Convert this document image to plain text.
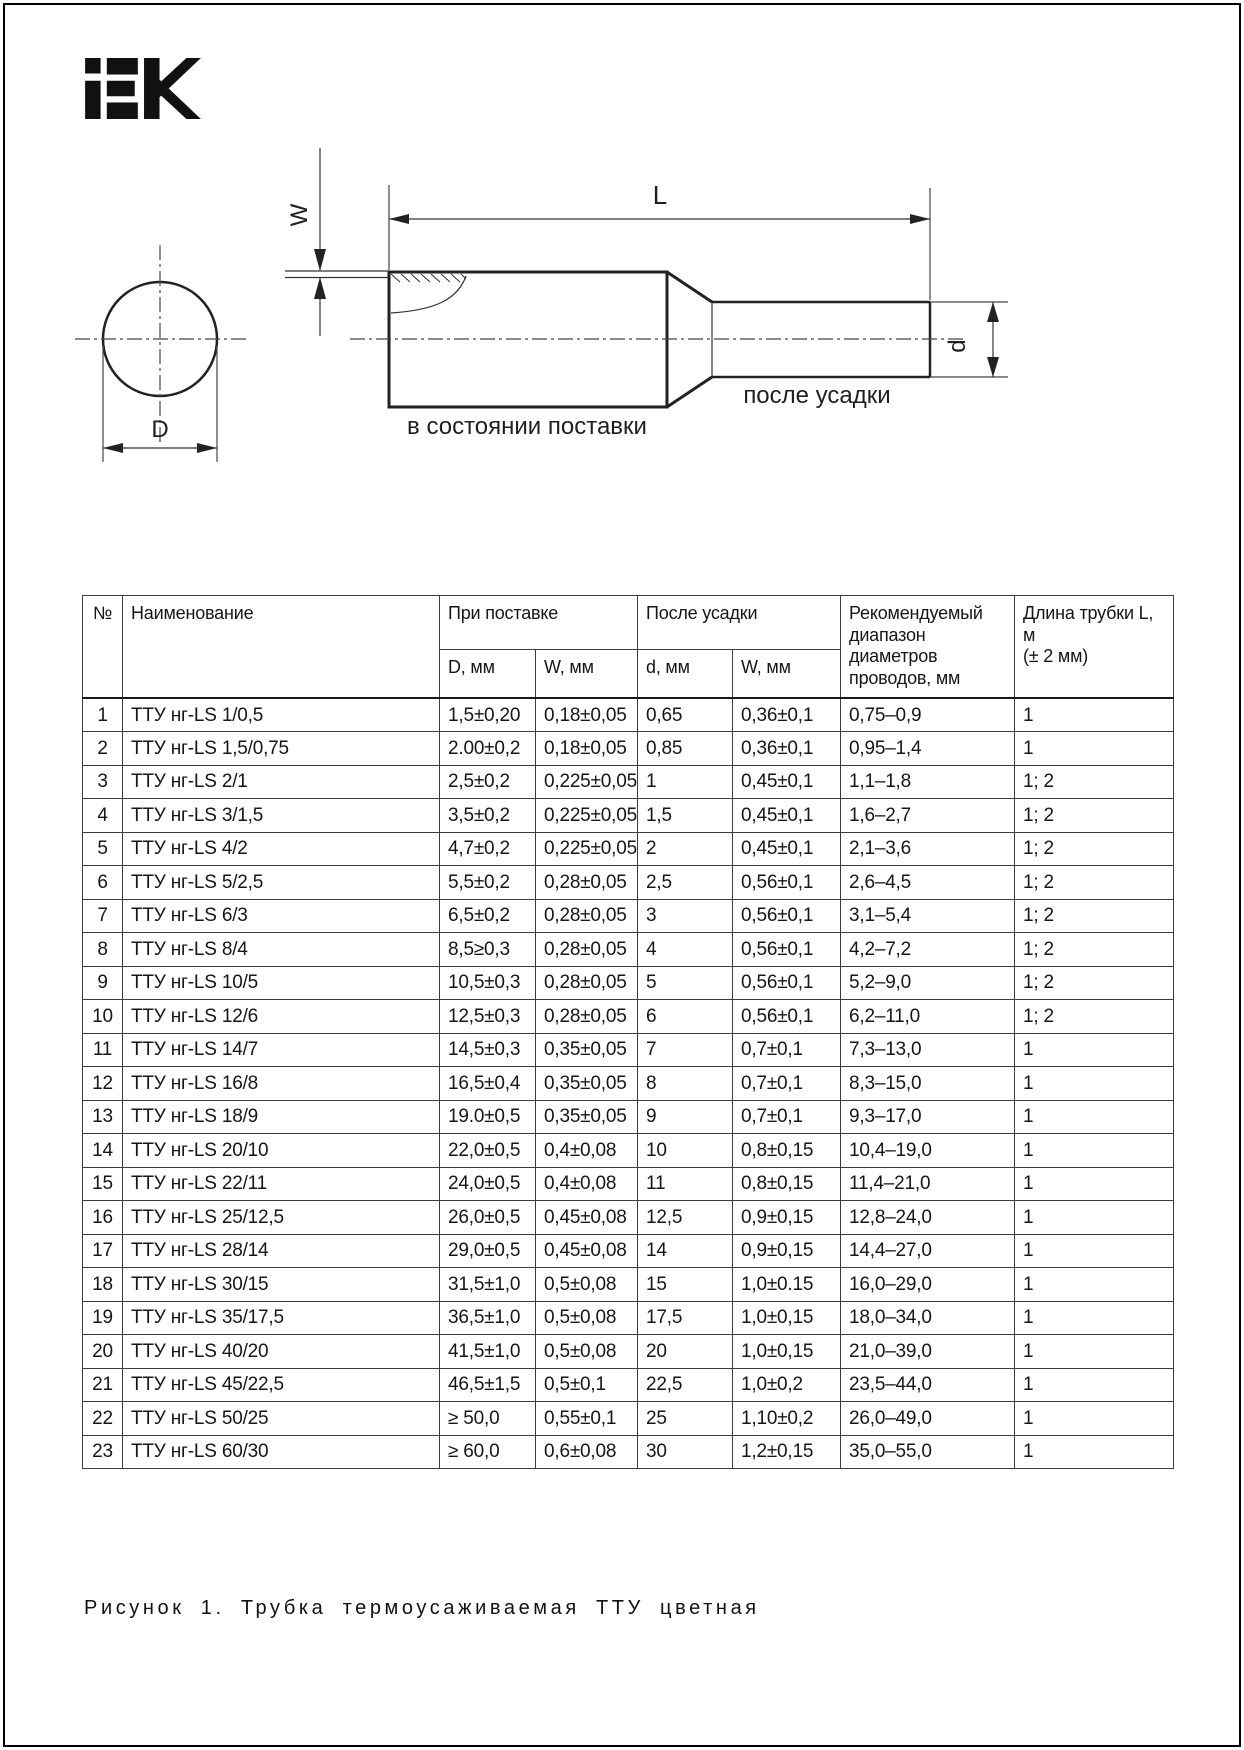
D
W
L
d
в состоянии поставки
после усадки
№	Наименование	При поставке		После усадки		Рекомендуемый диапазон диаметров проводов, мм	Длина трубки L, м
(± 2 мм)

		D, мм	W, мм	d, мм	W, мм		
1	ТТУ нг-LS 1/0,5	1,5±0,20	0,18±0,05	0,65	0,36±0,1	0,75–0,9	1
2	ТТУ нг-LS 1,5/0,75	2.00±0,2	0,18±0,05	0,85	0,36±0,1	0,95–1,4	1
3	ТТУ нг-LS 2/1	2,5±0,2	0,225±0,05	1	0,45±0,1	1,1–1,8	1; 2
4	ТТУ нг-LS 3/1,5	3,5±0,2	0,225±0,05	1,5	0,45±0,1	1,6–2,7	1; 2
5	ТТУ нг-LS 4/2	4,7±0,2	0,225±0,05	2	0,45±0,1	2,1–3,6	1; 2
6	ТТУ нг-LS 5/2,5	5,5±0,2	0,28±0,05	2,5	0,56±0,1	2,6–4,5	1; 2
7	ТТУ нг-LS 6/3	6,5±0,2	0,28±0,05	3	0,56±0,1	3,1–5,4	1; 2
8	ТТУ нг-LS 8/4	8,5≥0,3	0,28±0,05	4	0,56±0,1	4,2–7,2	1; 2
9	ТТУ нг-LS 10/5	10,5±0,3	0,28±0,05	5	0,56±0,1	5,2–9,0	1; 2
10	ТТУ нг-LS 12/6	12,5±0,3	0,28±0,05	6	0,56±0,1	6,2–11,0	1; 2
11	ТТУ нг-LS 14/7	14,5±0,3	0,35±0,05	7	0,7±0,1	7,3–13,0	1
12	ТТУ нг-LS 16/8	16,5±0,4	0,35±0,05	8	0,7±0,1	8,3–15,0	1
13	ТТУ нг-LS 18/9	19.0±0,5	0,35±0,05	9	0,7±0,1	9,3–17,0	1
14	ТТУ нг-LS 20/10	22,0±0,5	0,4±0,08	10	0,8±0,15	10,4–19,0	1
15	ТТУ нг-LS 22/11	24,0±0,5	0,4±0,08	11	0,8±0,15	11,4–21,0	1
16	ТТУ нг-LS 25/12,5	26,0±0,5	0,45±0,08	12,5	0,9±0,15	12,8–24,0	1
17	ТТУ нг-LS 28/14	29,0±0,5	0,45±0,08	14	0,9±0,15	14,4–27,0	1
18	ТТУ нг-LS 30/15	31,5±1,0	0,5±0,08	15	1,0±0.15	16,0–29,0	1
19	ТТУ нг-LS 35/17,5	36,5±1,0	0,5±0,08	17,5	1,0±0,15	18,0–34,0	1
20	ТТУ нг-LS 40/20	41,5±1,0	0,5±0,08	20	1,0±0,15	21,0–39,0	1
21	ТТУ нг-LS 45/22,5	46,5±1,5	0,5±0,1	22,5	1,0±0,2	23,5–44,0	1
22	ТТУ нг-LS 50/25	≥ 50,0	0,55±0,1	25	1,10±0,2	26,0–49,0	1
23	ТТУ нг-LS 60/30	≥ 60,0	0,6±0,08	30	1,2±0,15	35,0–55,0	1
Рисунок 1. Трубка термоусаживаемая ТТУ цветная
